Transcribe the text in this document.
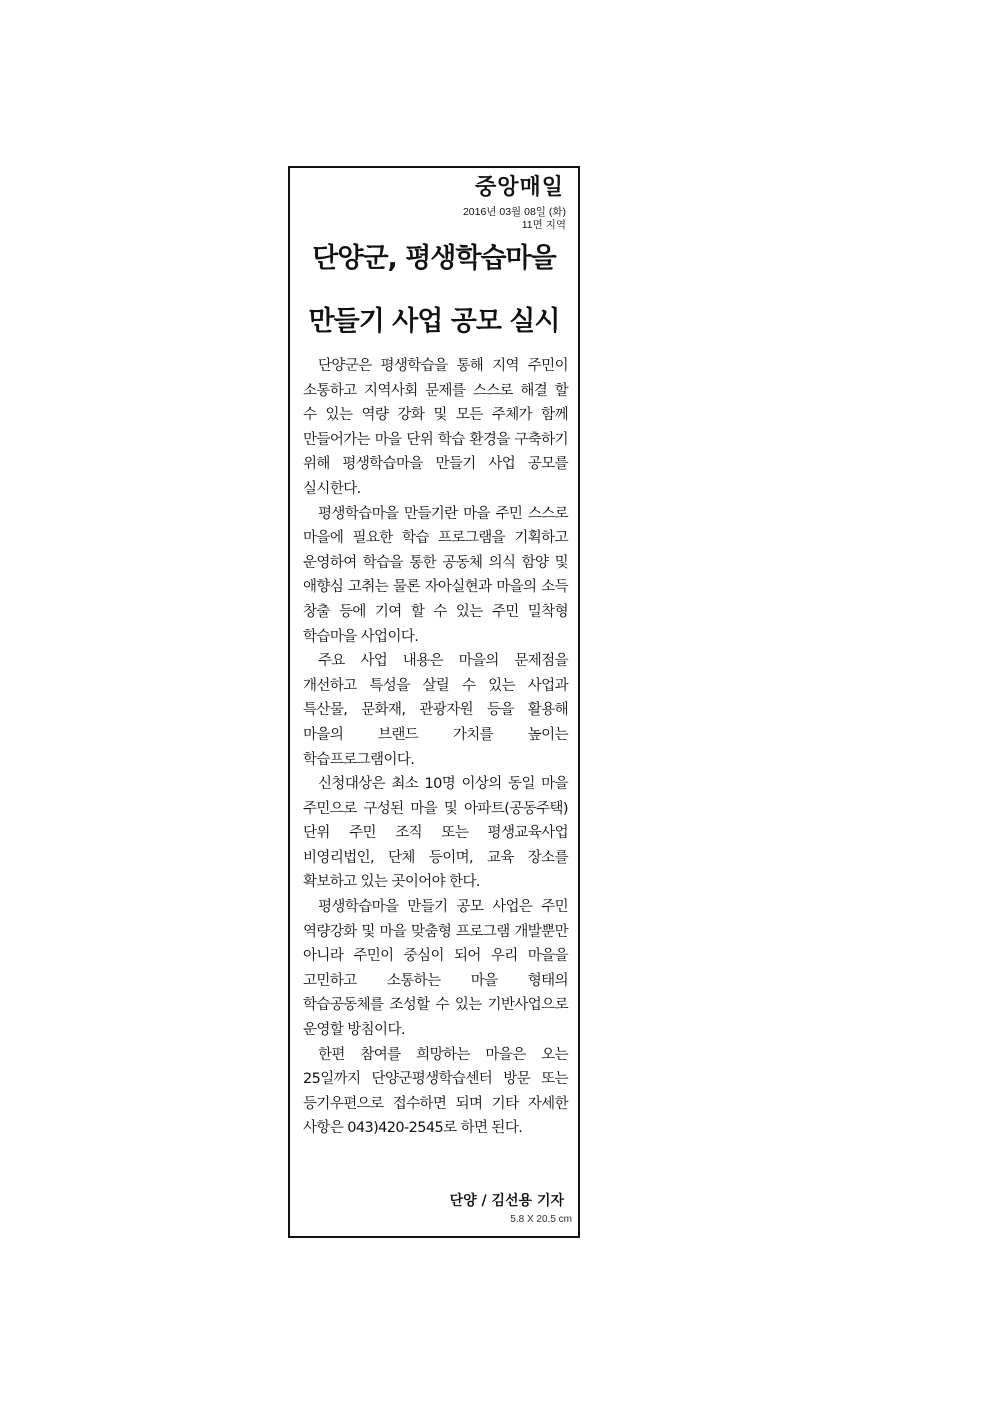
중앙매일
2016년 03월 08일 (화)
11면 지역
단양군, 평생학습마을
만들기 사업 공모 실시

단양군은 평생학습을 통해 지역 주민이 소통하고 지역사회 문제를 스스로 해결 할 수 있는 역량 강화 및 모든 주체가 함께 만들어가는 마을 단위 학습 환경을 구축하기 위해 평생학습마을 만들기 사업 공모를 실시한다.

평생학습마을 만들기란 마을 주민 스스로 마을에 필요한 학습 프로그램을 기획하고 운영하여 학습을 통한 공동체 의식 함양 및 애향심 고취는 물론 자아실현과 마을의 소득 창출 등에 기여 할 수 있는 주민 밀착형 학습마을 사업이다.

주요 사업 내용은 마을의 문제점을 개선하고 특성을 살릴 수 있는 사업과 특산물, 문화재, 관광자원 등을 활용해 마을의 브랜드 가치를 높이는 학습프로그램이다.

신청대상은 최소 10명 이상의 동일 마을 주민으로 구성된 마을 및 아파트(공동주택) 단위 주민 조직 또는 평생교육사업 비영리법인, 단체 등이며, 교육 장소를 확보하고 있는 곳이어야 한다.

평생학습마을 만들기 공모 사업은 주민 역량강화 및 마을 맞춤형 프로그램 개발뿐만 아니라 주민이 중심이 되어 우리 마을을 고민하고 소통하는 마을 형태의 학습공동체를 조성할 수 있는 기반사업으로 운영할 방침이다.

한편 참여를 희망하는 마을은 오는 25일까지 단양군평생학습센터 방문 또는 등기우편으로 접수하면 되며 기타 자세한 사항은 043)420-2545로 하면 된다.

단양 / 김선용 기자
5.8 X 20.5 cm
